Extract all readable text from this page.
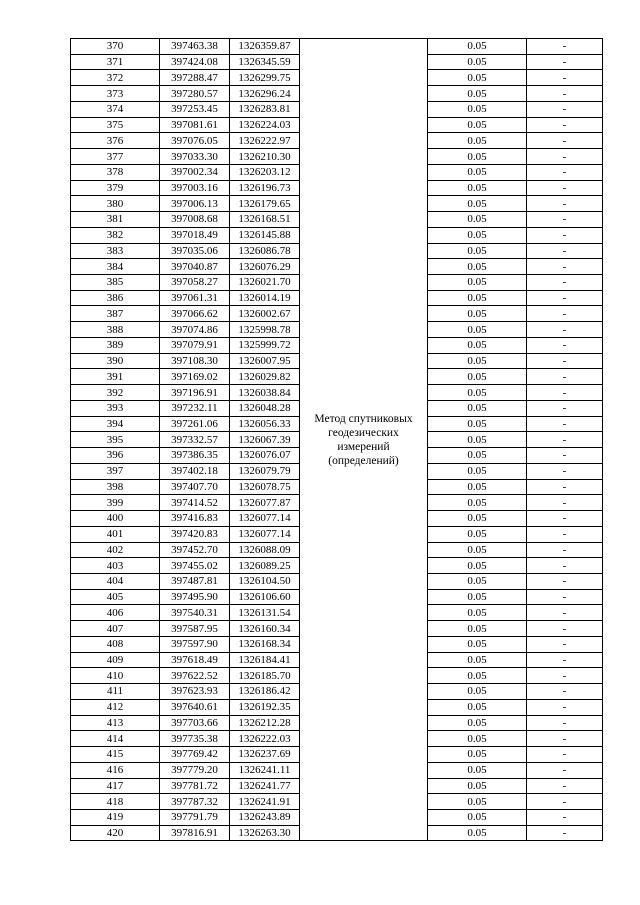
370	397463.38	1326359.87	Метод спутниковых геодезических измерений (определений)	0.05	-
371	397424.08	1326345.59		0.05	-
372	397288.47	1326299.75		0.05	-
373	397280.57	1326296.24		0.05	-
374	397253.45	1326283.81		0.05	-
375	397081.61	1326224.03		0.05	-
376	397076.05	1326222.97		0.05	-
377	397033.30	1326210.30		0.05	-
378	397002.34	1326203.12		0.05	-
379	397003.16	1326196.73		0.05	-
380	397006.13	1326179.65		0.05	-
381	397008.68	1326168.51		0.05	-
382	397018.49	1326145.88		0.05	-
383	397035.06	1326086.78		0.05	-
384	397040.87	1326076.29		0.05	-
385	397058.27	1326021.70		0.05	-
386	397061.31	1326014.19		0.05	-
387	397066.62	1326002.67		0.05	-
388	397074.86	1325998.78		0.05	-
389	397079.91	1325999.72		0.05	-
390	397108.30	1326007.95		0.05	-
391	397169.02	1326029.82		0.05	-
392	397196.91	1326038.84		0.05	-
393	397232.11	1326048.28		0.05	-
394	397261.06	1326056.33		0.05	-
395	397332.57	1326067.39		0.05	-
396	397386.35	1326076.07		0.05	-
397	397402.18	1326079.79		0.05	-
398	397407.70	1326078.75		0.05	-
399	397414.52	1326077.87		0.05	-
400	397416.83	1326077.14		0.05	-
401	397420.83	1326077.14		0.05	-
402	397452.70	1326088.09		0.05	-
403	397455.02	1326089.25		0.05	-
404	397487.81	1326104.50		0.05	-
405	397495.90	1326106.60		0.05	-
406	397540.31	1326131.54		0.05	-
407	397587.95	1326160.34		0.05	-
408	397597.90	1326168.34		0.05	-
409	397618.49	1326184.41		0.05	-
410	397622.52	1326185.70		0.05	-
411	397623.93	1326186.42		0.05	-
412	397640.61	1326192.35		0.05	-
413	397703.66	1326212.28		0.05	-
414	397735.38	1326222.03		0.05	-
415	397769.42	1326237.69		0.05	-
416	397779.20	1326241.11		0.05	-
417	397781.72	1326241.77		0.05	-
418	397787.32	1326241.91		0.05	-
419	397791.79	1326243.89		0.05	-
420	397816.91	1326263.30		0.05	-
